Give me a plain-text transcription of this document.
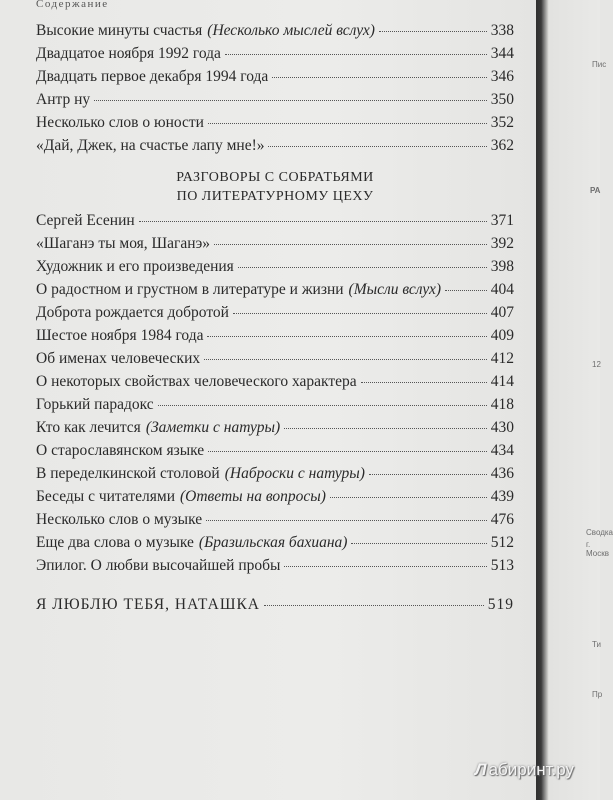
Содержание
Высокие минуты счастья (Несколько мыслей вслух)	338
Двадцатое ноября 1992 года	344
Двадцать первое декабря 1994 года	346
Антр ну	350
Несколько слов о юности	352
«Дай, Джек, на счастье лапу мне!»	362
РАЗГОВОРЫ С СОБРАТЬЯМИ
ПО ЛИТЕРАТУРНОМУ ЦЕХУ
Сергей Есенин	371
«Шаганэ ты моя, Шаганэ»	392
Художник и его произведения	398
О радостном и грустном в литературе и жизни (Мысли вслух)	404
Доброта рождается добротой	407
Шестое ноября 1984 года	409
Об именах человеческих	412
О некоторых свойствах человеческого характера	414
Горький парадокс	418
Кто как лечится (Заметки с натуры)	430
О старославянском языке	434
В переделкинской столовой (Наброски с натуры)	436
Беседы с читателями (Ответы на вопросы)	439
Несколько слов о музыке	476
Еще два слова о музыке (Бразильская бахиана)	512
Эпилог. О любви высочайшей пробы	513
Я ЛЮБЛЮ ТЕБЯ, НАТАШКА	519
Пис
РА
12
Сводка
г. Москв
Ти
Пр
Л абиринт.ру
